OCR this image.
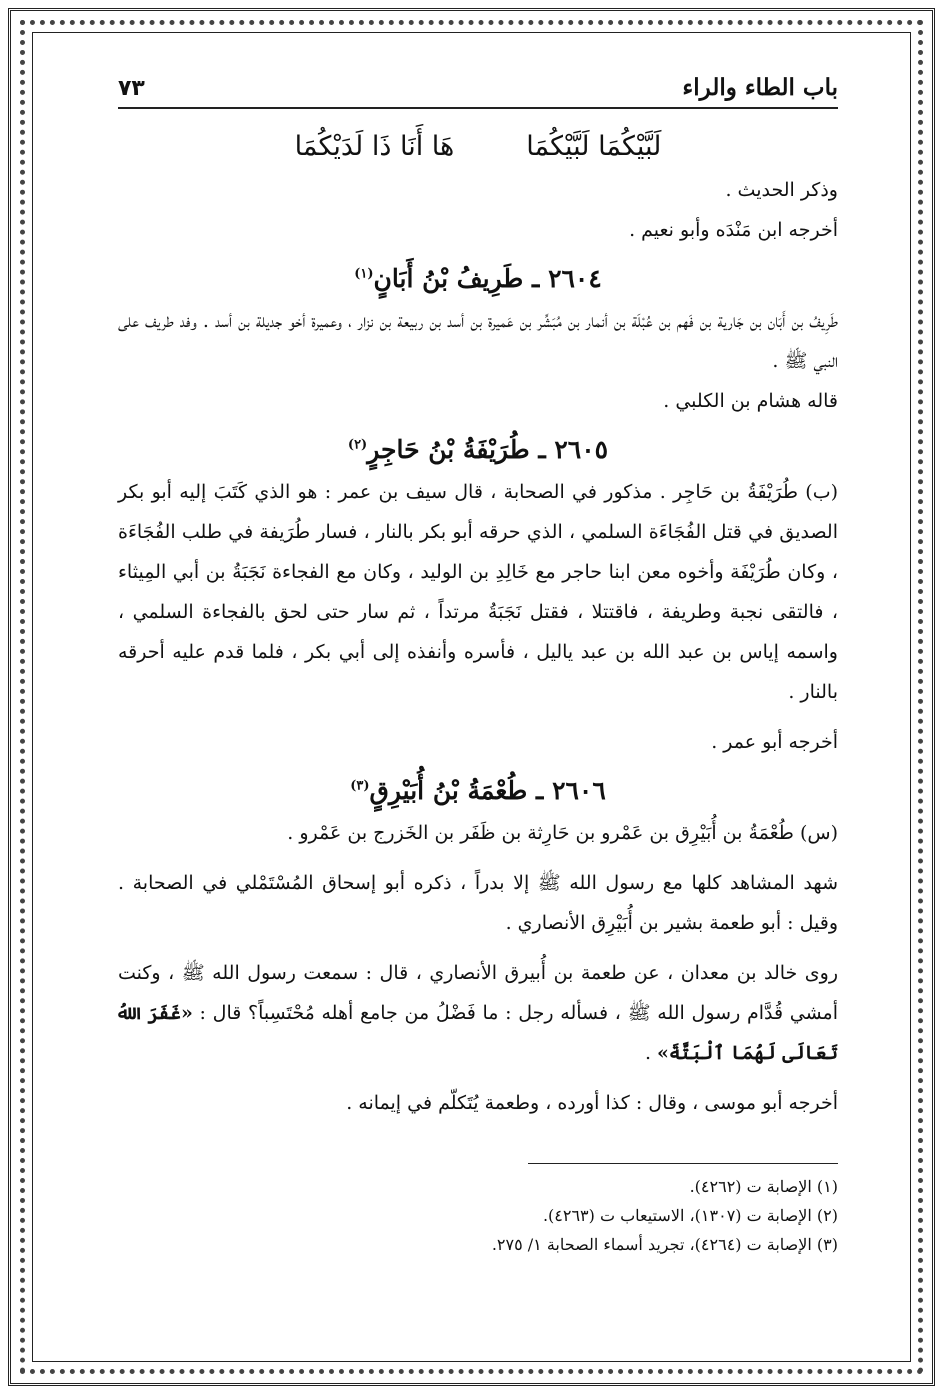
باب الطاء والراء
٧٣
لَبَّيْكُمَا لَبَّيْكُمَا
هَا أَنَا ذَا لَدَيْكُمَا

وذكر الحديث .

أخرجه ابن مَنْدَه وأبو نعيم .

٢٦٠٤ ـ طَرِيفُ بْنُ أَبَانٍ$^{(١)}$

طَرِيفُ بن أَبَان بن جَارية بن فَهم بن عُبْلَة بن أنمار بن مُبَشِّر بن عَميرة بن أسد بن ربيعة بن نزار ، وعميرة أخو جديلة بن أسد . وفد طريف على النبي ﷺ .

قاله هشام بن الكلبي .

٢٦٠٥ ـ طُرَيْفَةُ بْنُ حَاجِرٍ$^{(٢)}$

(ب) طُرَيْفَةُ بن حَاجِر . مذكور في الصحابة ، قال سيف بن عمر : هو الذي كَتَبَ إليه أبو بكر الصديق في قتل الفُجَاءَة السلمي ، الذي حرقه أبو بكر بالنار ، فسار طُرَيفة في طلب الفُجَاءَة ، وكان طُرَيْفَة وأخوه معن ابنا حاجر مع خَالِدِ بن الوليد ، وكان مع الفجاءة نَجَبَةُ بن أبي المِيثاء ، فالتقى نجبة وطريفة ، فاقتتلا ، فقتل نَجَبَةُ مرتداً ، ثم سار حتى لحق بالفجاءة السلمي ، واسمه إياس بن عبد الله بن عبد ياليل ، فأسره وأنفذه إلى أبي بكر ، فلما قدم عليه أحرقه بالنار .

أخرجه أبو عمر .

٢٦٠٦ ـ طُعْمَةُ بْنُ أُبَيْرِقٍ$^{(٣)}$

(س) طُعْمَةُ بن أُبَيْرِق بن عَمْرو بن حَارِثة بن ظَفَر بن الخَزرج بن عَمْرو .

شهد المشاهد كلها مع رسول الله ﷺ إلا بدراً ، ذكره أبو إسحاق المُسْتَمْلي في الصحابة . وقيل : أبو طعمة بشير بن أُبَيْرِق الأنصاري .

روى خالد بن معدان ، عن طعمة بن أُبيرق الأنصاري ، قال : سمعت رسول الله ﷺ ، وكنت أمشي قُدَّام رسول الله ﷺ ، فسأله رجل : ما فَضْلُ من جامع أهله مُحْتَسِباً؟ قال : «غَفَرَ اللهُ تَعَالَى لَهُمَا ٱلْبَتَّةَ» .

أخرجه أبو موسى ، وقال : كذا أورده ، وطعمة يُتَكلّم في إيمانه .

(١) الإصابة ت (٤٢٦٢).
(٢) الإصابة ت (١٣٠٧)، الاستيعاب ت (٤٢٦٣).
(٣) الإصابة ت (٤٢٦٤)، تجريد أسماء الصحابة ١/ ٢٧٥.
